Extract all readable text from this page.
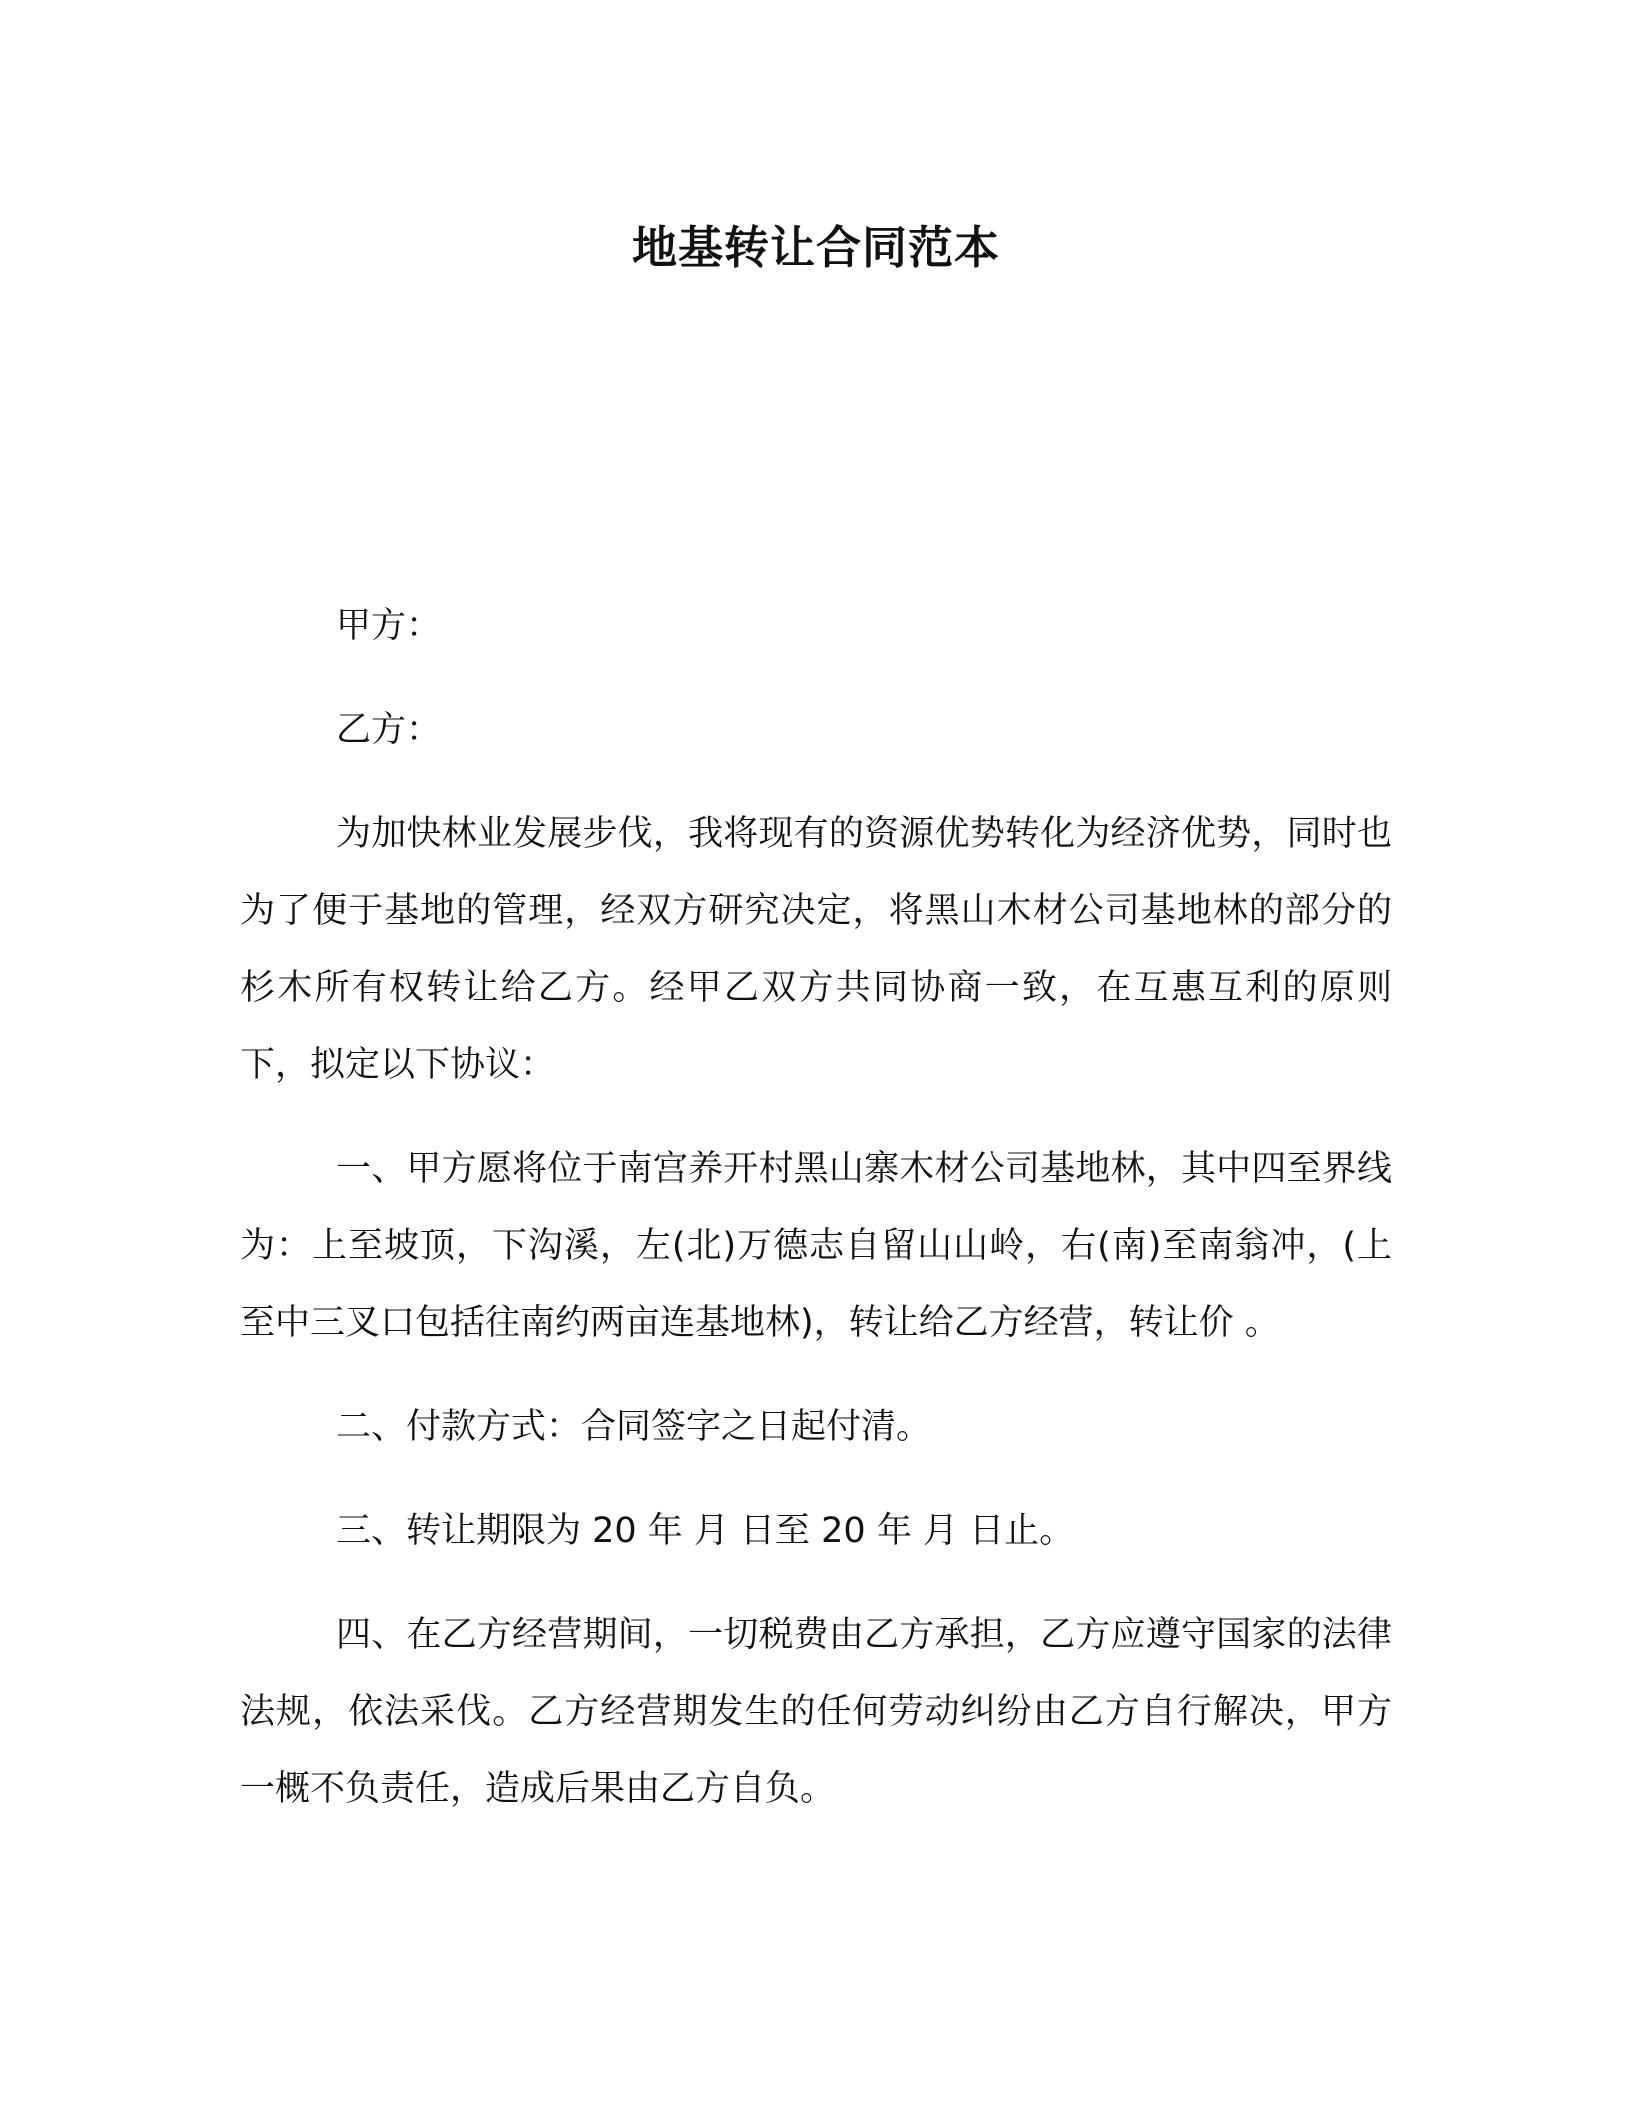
地基转让合同范本

甲方：

乙方：

为加快林业发展步伐，我将现有的资源优势转化为经济优势，同时也为了便于基地的管理，经双方研究决定，将黑山木材公司基地林的部分的杉木所有权转让给乙方。经甲乙双方共同协商一致，在互惠互利的原则下，拟定以下协议：

一、甲方愿将位于南宫养开村黑山寨木材公司基地林，其中四至界线为：上至坡顶，下沟溪，左(北)万德志自留山山岭，右(南)至南翁冲，(上至中三叉口包括往南约两亩连基地林)，转让给乙方经营，转让价 。

二、付款方式：合同签字之日起付清。

三、转让期限为 20 年 月 日至 20 年 月 日止。

四、在乙方经营期间，一切税费由乙方承担，乙方应遵守国家的法律法规，依法采伐。乙方经营期发生的任何劳动纠纷由乙方自行解决，甲方一概不负责任，造成后果由乙方自负。
